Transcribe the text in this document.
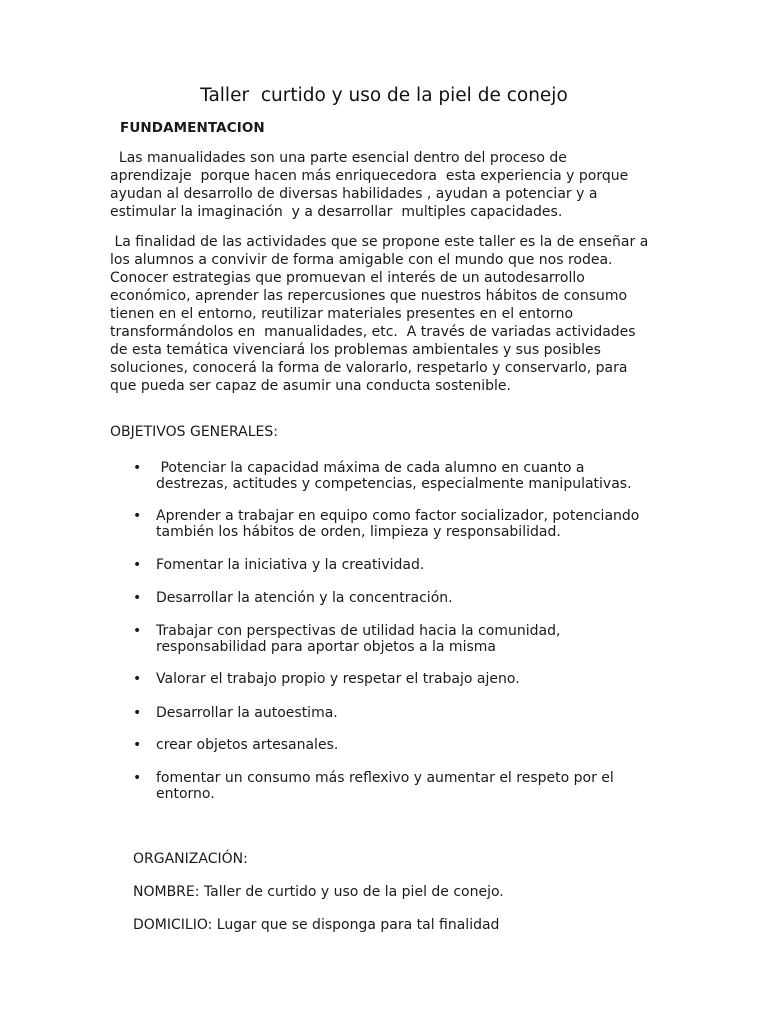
Taller  curtido y uso de la piel de conejo
FUNDAMENTACION

Las manualidades son una parte esencial dentro del proceso de
aprendizaje  porque hacen más enriquecedora  esta experiencia y porque
ayudan al desarrollo de diversas habilidades , ayudan a potenciar y a
estimular la imaginación  y a desarrollar  multiples capacidades.

La finalidad de las actividades que se propone este taller es la de enseñar a
los alumnos a convivir de forma amigable con el mundo que nos rodea.
Conocer estrategias que promuevan el interés de un autodesarrollo
económico, aprender las repercusiones que nuestros hábitos de consumo
tienen en el entorno, reutilizar materiales presentes en el entorno
transformándolos en  manualidades, etc.  A través de variadas actividades
de esta temática vivenciará los problemas ambientales y sus posibles
soluciones, conocerá la forma de valorarlo, respetarlo y conservarlo, para
que pueda ser capaz de asumir una conducta sostenible.

OBJETIVOS GENERALES:

• Potenciar la capacidad máxima de cada alumno en cuanto a
destrezas, actitudes y competencias, especialmente manipulativas.
• Aprender a trabajar en equipo como factor socializador, potenciando
también los hábitos de orden, limpieza y responsabilidad.
• Fomentar la iniciativa y la creatividad.
• Desarrollar la atención y la concentración.
• Trabajar con perspectivas de utilidad hacia la comunidad,
responsabilidad para aportar objetos a la misma
• Valorar el trabajo propio y respetar el trabajo ajeno.
• Desarrollar la autoestima.
• crear objetos artesanales.
• fomentar un consumo más reflexivo y aumentar el respeto por el
entorno.

ORGANIZACIÓN:

NOMBRE: Taller de curtido y uso de la piel de conejo.

DOMICILIO: Lugar que se disponga para tal finalidad
